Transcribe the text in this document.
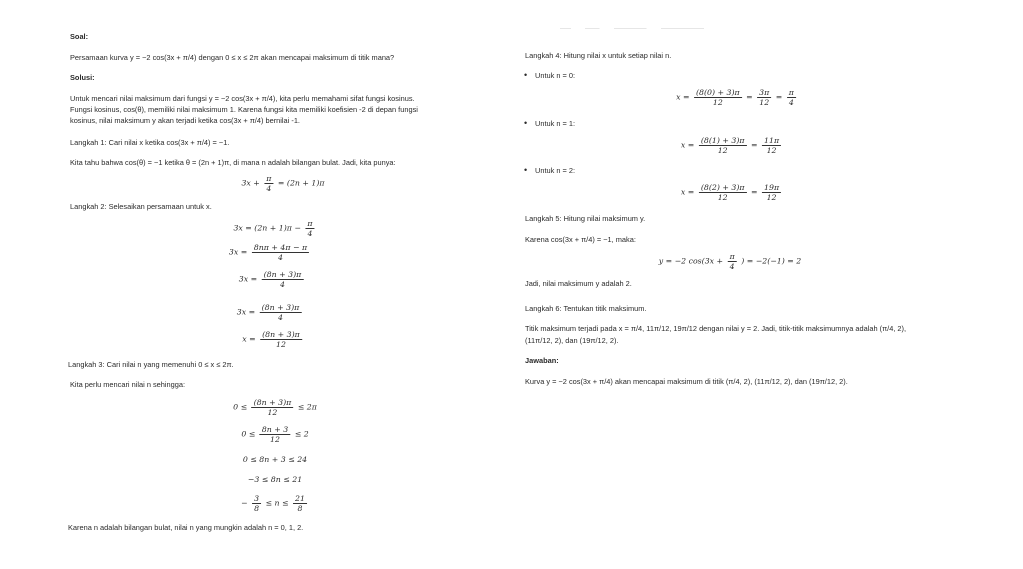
Soal:
Persamaan kurva y = −2 cos(3x + π/4) dengan 0 ≤ x ≤ 2π akan mencapai maksimum di titik mana?
Solusi:
Untuk mencari nilai maksimum dari fungsi y = −2 cos(3x + π/4), kita perlu memahami sifat fungsi kosinus.
Fungsi kosinus, cos(θ), memiliki nilai maksimum 1. Karena fungsi kita memiliki koefisien -2 di depan fungsi
kosinus, nilai maksimum y akan terjadi ketika cos(3x + π/4) bernilai -1.
Langkah 1: Cari nilai x ketika cos(3x + π/4) = −1.
Kita tahu bahwa cos(θ) = −1 ketika θ = (2n + 1)π, di mana n adalah bilangan bulat. Jadi, kita punya:
$3x + \frac{\pi}{4} = (2n + 1)\pi$
Langkah 2: Selesaikan persamaan untuk x.
$3x = (2n + 1)\pi - \frac{\pi}{4}$
$3x = \frac{8n\pi + 4\pi - \pi}{4}$
$3x = \frac{(8n + 3)\pi}{4}$
$3x = \frac{(8n + 3)\pi}{4}$
$x = \frac{(8n + 3)\pi}{12}$
Langkah 3: Cari nilai n yang memenuhi 0 ≤ x ≤ 2π.
Kita perlu mencari nilai n sehingga:
$0 \le \frac{(8n + 3)\pi}{12} \le 2\pi$
$0 \le \frac{8n + 3}{12} \le 2$
0 ≤ 8n + 3 ≤ 24
−3 ≤ 8n ≤ 21
− $\frac{3}{8} \le n \le \frac{21}{8}$
Karena n adalah bilangan bulat, nilai n yang mungkin adalah n = 0, 1, 2.
Langkah 4: Hitung nilai x untuk setiap nilai n.
• Untuk n = 0:
$x = \frac{(8(0) + 3)\pi}{12} = \frac{3\pi}{12} = \frac{\pi}{4}$
• Untuk n = 1:
$x = \frac{(8(1) + 3)\pi}{12} = \frac{11\pi}{12}$
• Untuk n = 2:
$x = \frac{(8(2) + 3)\pi}{12} = \frac{19\pi}{12}$
Langkah 5: Hitung nilai maksimum y.
Karena cos(3x + π/4) = −1, maka:
y = −2 $\cos(3x + \frac{\pi}{4}$ ) = −2(−1) = 2
Jadi, nilai maksimum y adalah 2.
Langkah 6: Tentukan titik maksimum.
Titik maksimum terjadi pada x = π/4, 11π/12, 19π/12 dengan nilai y = 2. Jadi, titik-titik maksimumnya adalah (π/4, 2),
(11π/12, 2), dan (19π/12, 2).
Jawaban:
Kurva y = −2 cos(3x + π/4) akan mencapai maksimum di titik (π/4, 2), (11π/12, 2), dan (19π/12, 2).
